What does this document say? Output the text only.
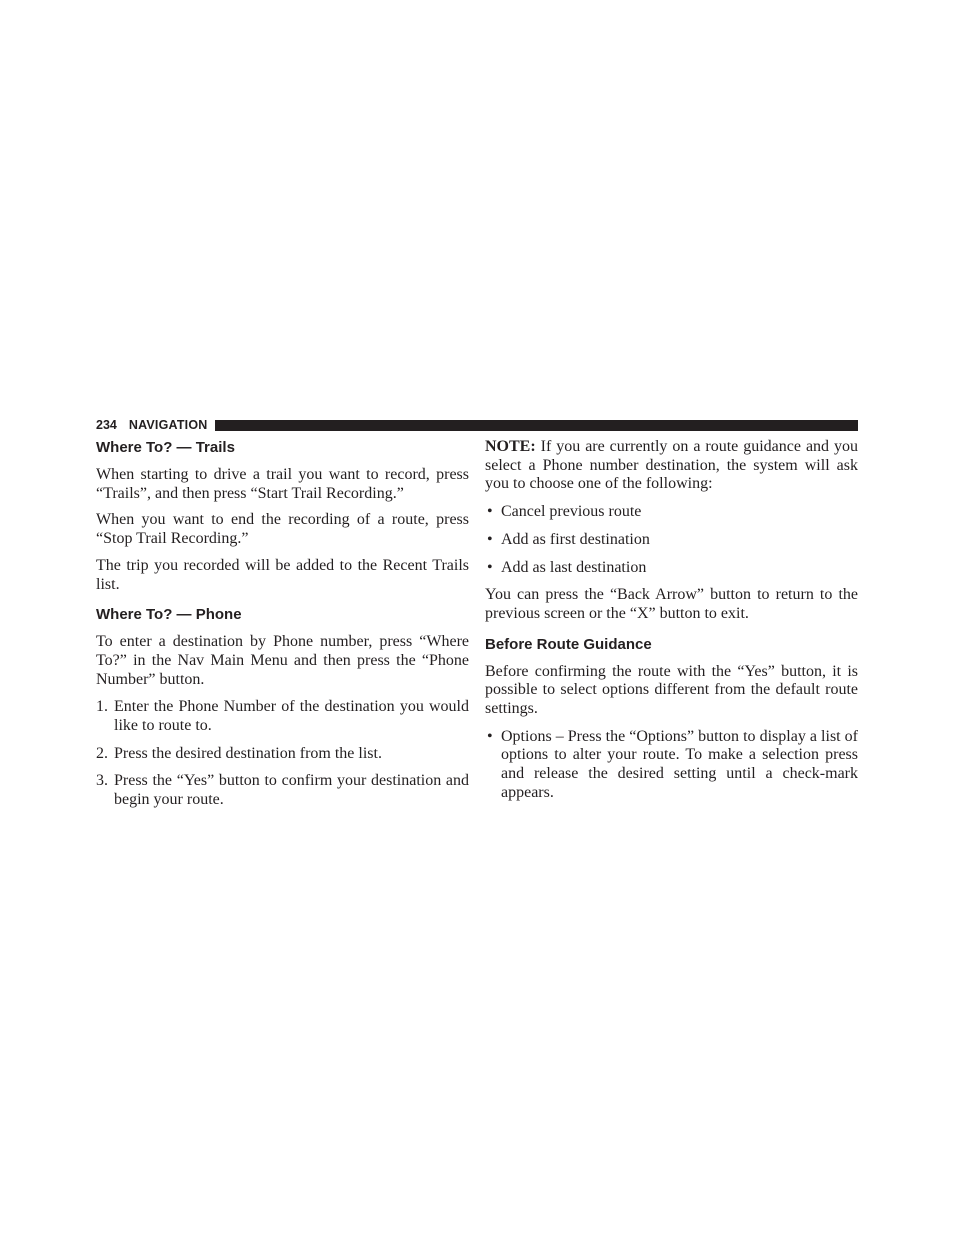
234 NAVIGATION
Where To? — Trails

When starting to drive a trail you want to record, press “Trails”, and then press “Start Trail Recording.”

When you want to end the recording of a route, press “Stop Trail Recording.”

The trip you recorded will be added to the Recent Trails list.

Where To? — Phone

To enter a destination by Phone number, press “Where To?” in the Nav Main Menu and then press the “Phone Number” button.

1. Enter the Phone Number of the destination you would like to route to.
2. Press the desired destination from the list.
3. Press the “Yes” button to confirm your destination and begin your route.

NOTE: If you are currently on a route guidance and you select a Phone number destination, the system will ask you to choose one of the following:

• Cancel previous route
• Add as first destination
• Add as last destination

You can press the “Back Arrow” button to return to the previous screen or the “X” button to exit.

Before Route Guidance

Before confirming the route with the “Yes” button, it is possible to select options different from the default route settings.

• Options – Press the “Options” button to display a list of options to alter your route. To make a selection press and release the desired setting until a check-mark appears.
